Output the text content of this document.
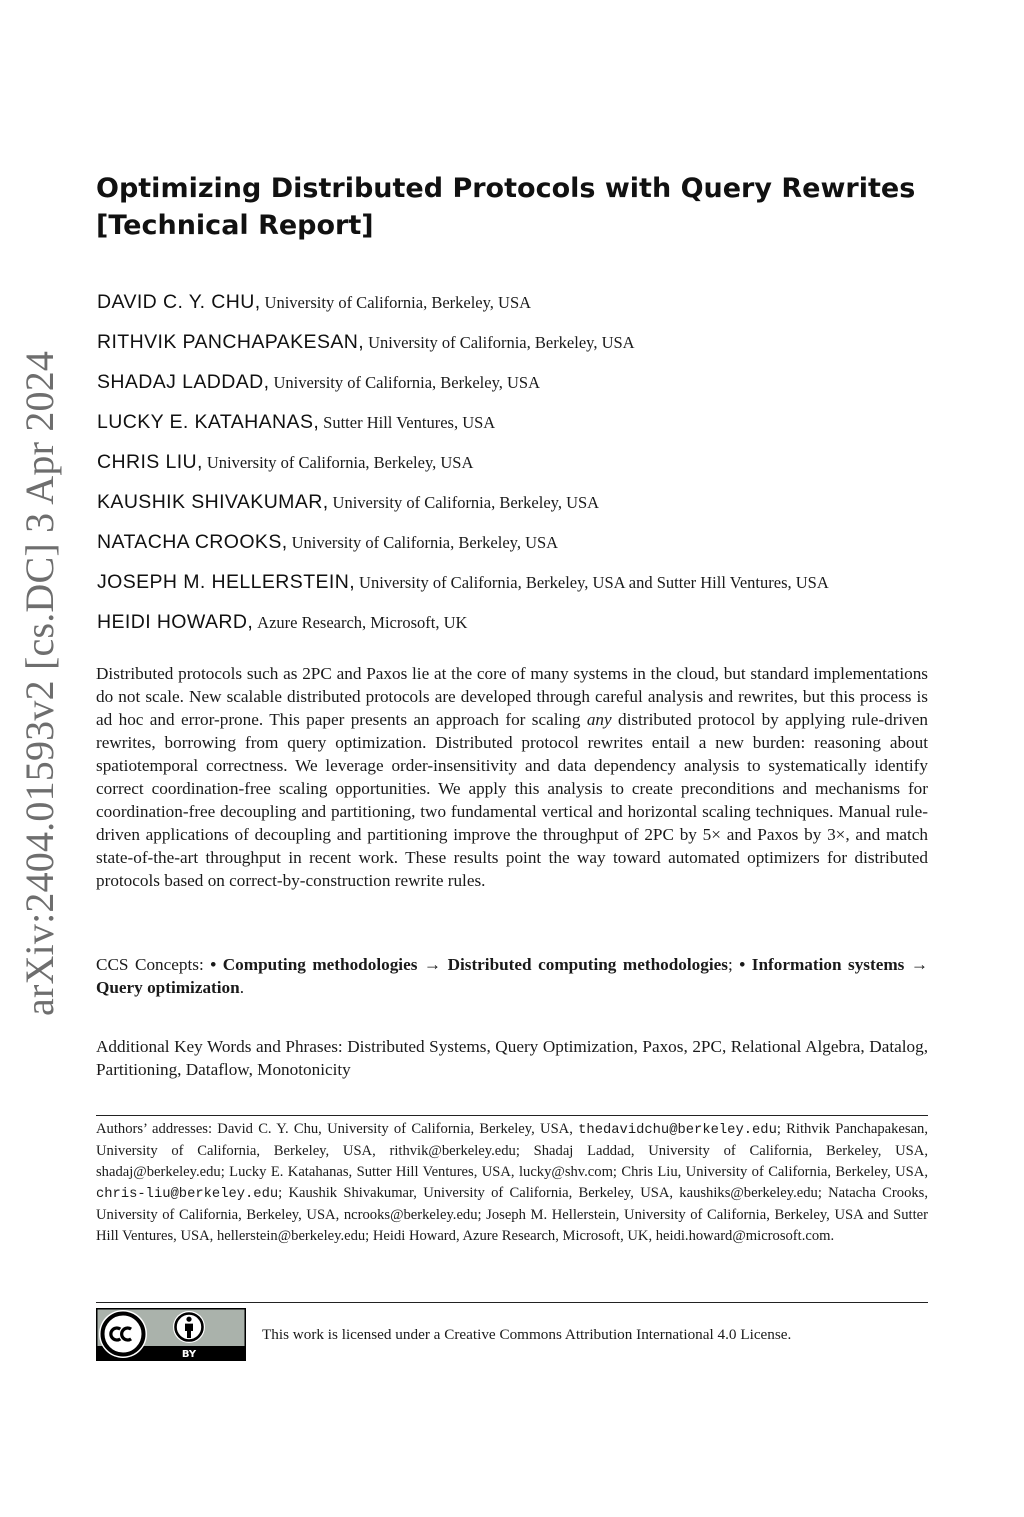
arXiv:2404.01593v2 [cs.DC] 3 Apr 2024
Optimizing Distributed Protocols with Query Rewrites
[Technical Report]
DAVID C. Y. CHU, University of California, Berkeley, USA
RITHVIK PANCHAPAKESAN, University of California, Berkeley, USA
SHADAJ LADDAD, University of California, Berkeley, USA
LUCKY E. KATAHANAS, Sutter Hill Ventures, USA
CHRIS LIU, University of California, Berkeley, USA
KAUSHIK SHIVAKUMAR, University of California, Berkeley, USA
NATACHA CROOKS, University of California, Berkeley, USA
JOSEPH M. HELLERSTEIN, University of California, Berkeley, USA and Sutter Hill Ventures, USA
HEIDI HOWARD, Azure Research, Microsoft, UK

Distributed protocols such as 2PC and Paxos lie at the core of many systems in the cloud, but standard implementations do not scale. New scalable distributed protocols are developed through careful analysis and rewrites, but this process is ad hoc and error-prone. This paper presents an approach for scaling any distributed protocol by applying rule-driven rewrites, borrowing from query optimization. Distributed protocol rewrites entail a new burden: reasoning about spatiotemporal correctness. We leverage order-insensitivity and data dependency analysis to systematically identify correct coordination-free scaling opportunities. We apply this analysis to create preconditions and mechanisms for coordination-free decoupling and partitioning, two fundamental vertical and horizontal scaling techniques. Manual rule-driven applications of decoupling and partitioning improve the throughput of 2PC by 5× and Paxos by 3×, and match state-of-the-art throughput in recent work. These results point the way toward automated optimizers for distributed protocols based on correct-by-construction rewrite rules.

CCS Concepts: • Computing methodologies → Distributed computing methodologies; • Information systems → Query optimization.

Additional Key Words and Phrases: Distributed Systems, Query Optimization, Paxos, 2PC, Relational Algebra, Datalog, Partitioning, Dataflow, Monotonicity

Authors’ addresses: David C. Y. Chu, University of California, Berkeley, USA, thedavidchu@berkeley.edu; Rithvik Panchapakesan, University of California, Berkeley, USA, rithvik@berkeley.edu; Shadaj Laddad, University of California, Berkeley, USA, shadaj@berkeley.edu; Lucky E. Katahanas, Sutter Hill Ventures, USA, lucky@shv.com; Chris Liu, University of California, Berkeley, USA, chris-liu@berkeley.edu; Kaushik Shivakumar, University of California, Berkeley, USA, kaushiks@berkeley.edu; Natacha Crooks, University of California, Berkeley, USA, ncrooks@berkeley.edu; Joseph M. Hellerstein, University of California, Berkeley, USA and Sutter Hill Ventures, USA, hellerstein@berkeley.edu; Heidi Howard, Azure Research, Microsoft, UK, heidi.howard@microsoft.com.

BY

This work is licensed under a Creative Commons Attribution International 4.0 License.
